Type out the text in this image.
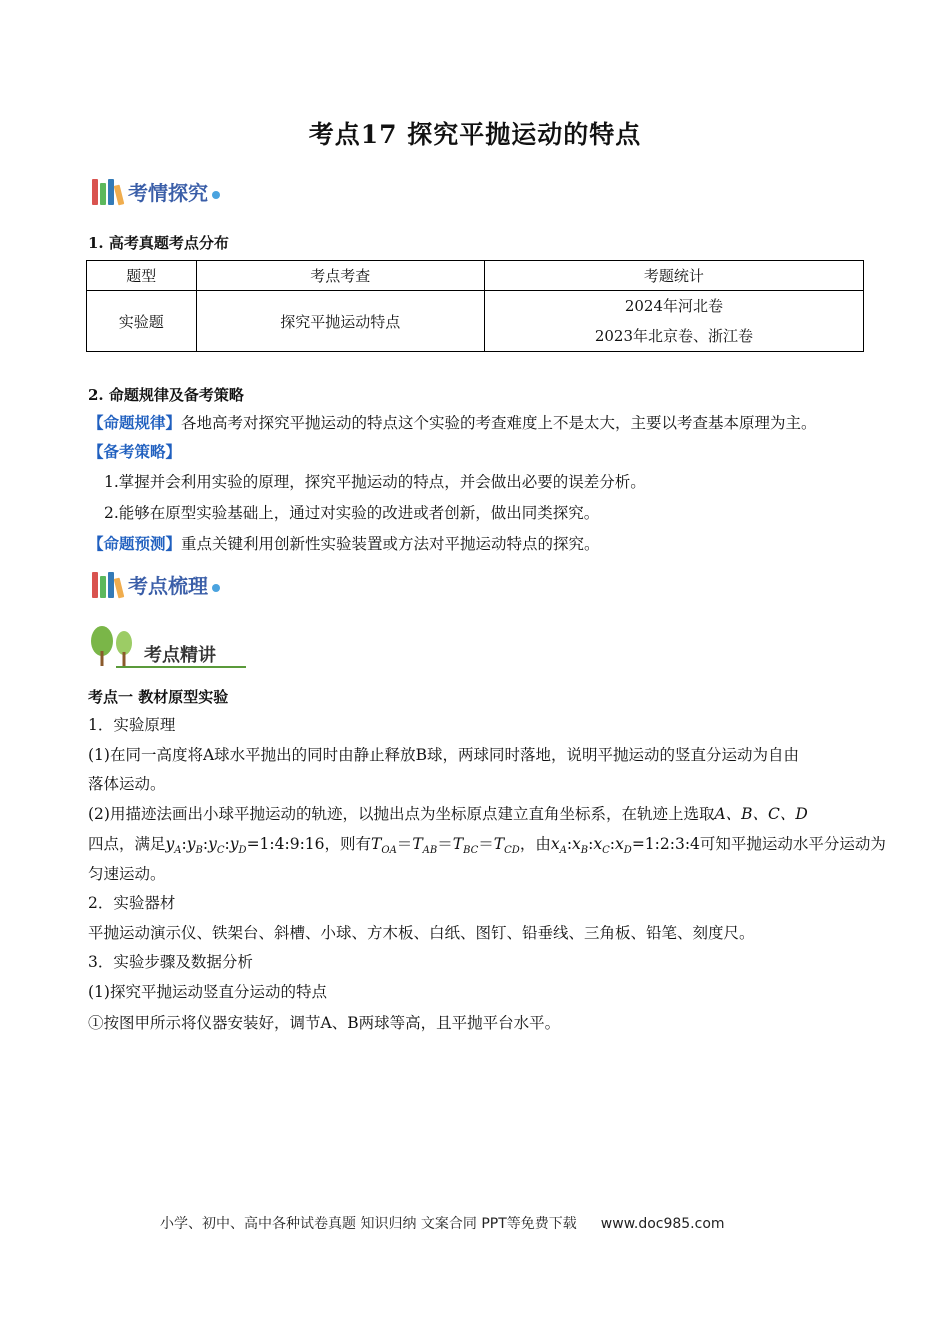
考点17 探究平抛运动的特点
考情探究
1. 高考真题考点分布
题型	考点考查	考题统计
实验题	探究平抛运动特点	2024年河北卷
2023年北京卷、浙江卷
2. 命题规律及备考策略
【命题规律】各地高考对探究平抛运动的特点这个实验的考查难度上不是太大，主要以考查基本原理为主。
【备考策略】
1.掌握并会利用实验的原理，探究平抛运动的特点，并会做出必要的误差分析。
2.能够在原型实验基础上，通过对实验的改进或者创新，做出同类探究。
【命题预测】重点关键利用创新性实验装置或方法对平抛运动特点的探究。
考点梳理
考点精讲
考点一 教材原型实验
1．实验原理
(1)在同一高度将A球水平抛出的同时由静止释放B球，两球同时落地，说明平抛运动的竖直分运动为自由
落体运动。
(2)用描迹法画出小球平抛运动的轨迹，以抛出点为坐标原点建立直角坐标系，在轨迹上选取A、B、C、D
四点，满足$y_A:y_B:y_C:y_D=1:4:9:16$，则有$T_{OA}=T_{AB}=T_{BC}=T_{CD}$，由$x_A:x_B:x_C:x_D=1:2:3:4$可知平抛运动水平分运动为
匀速运动。
2．实验器材
平抛运动演示仪、铁架台、斜槽、小球、方木板、白纸、图钉、铅垂线、三角板、铅笔、刻度尺。
3．实验步骤及数据分析
(1)探究平抛运动竖直分运动的特点
①按图甲所示将仪器安装好，调节A、B两球等高，且平抛平台水平。
小学、初中、高中各种试卷真题 知识归纳 文案合同 PPT等免费下载 www.doc985.com
